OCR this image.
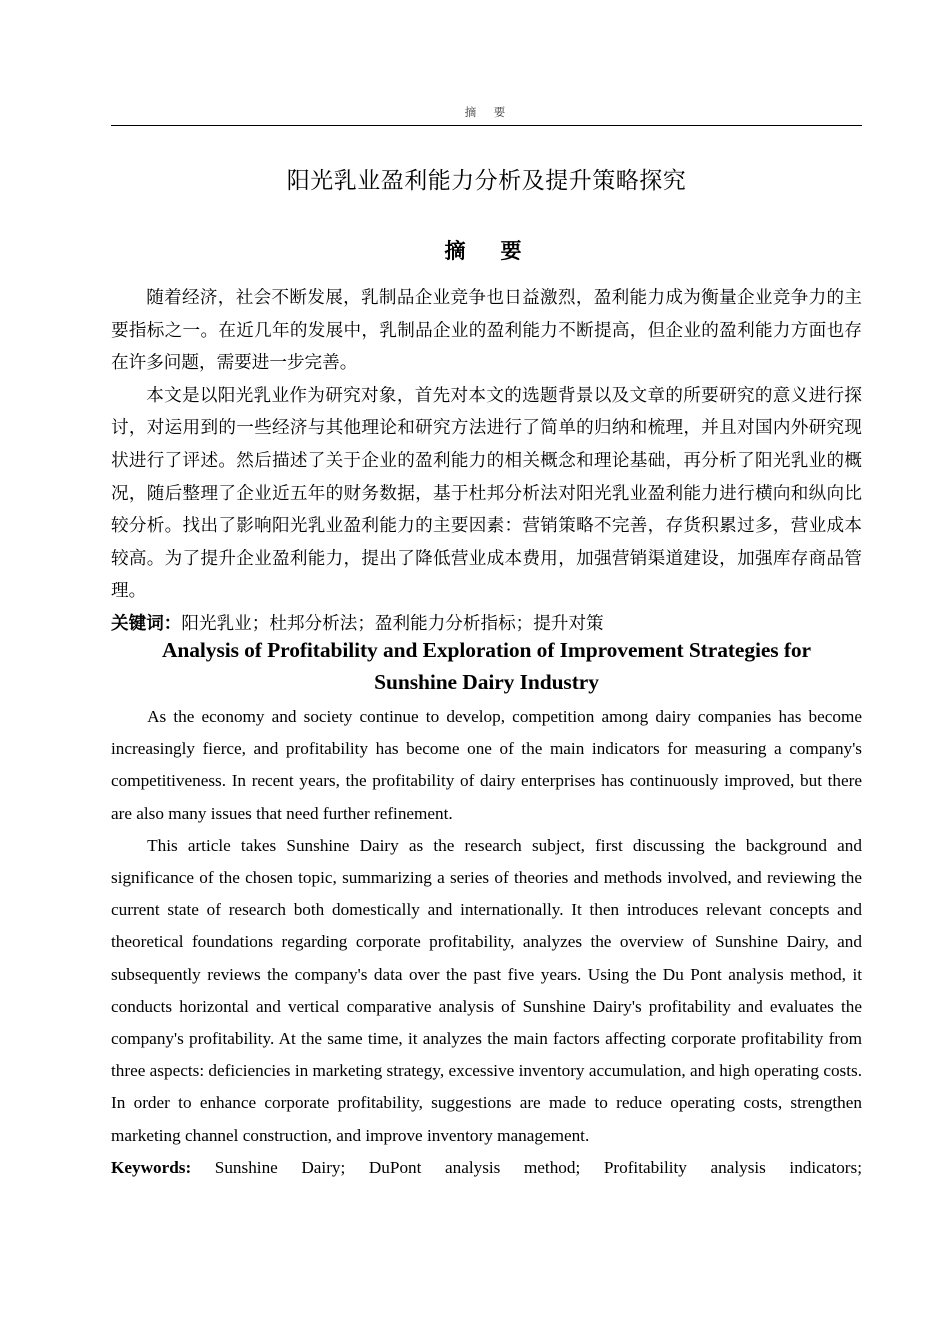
摘　要
阳光乳业盈利能力分析及提升策略探究
摘　要

随着经济，社会不断发展，乳制品企业竞争也日益激烈，盈利能力成为衡量企业竞争力的主要指标之一。在近几年的发展中，乳制品企业的盈利能力不断提高，但企业的盈利能力方面也存在许多问题，需要进一步完善。

本文是以阳光乳业作为研究对象，首先对本文的选题背景以及文章的所要研究的意义进行探讨，对运用到的一些经济与其他理论和研究方法进行了简单的归纳和梳理，并且对国内外研究现状进行了评述。然后描述了关于企业的盈利能力的相关概念和理论基础，再分析了阳光乳业的概况，随后整理了企业近五年的财务数据，基于杜邦分析法对阳光乳业盈利能力进行横向和纵向比较分析。找出了影响阳光乳业盈利能力的主要因素：营销策略不完善，存货积累过多，营业成本较高。为了提升企业盈利能力，提出了降低营业成本费用，加强营销渠道建设，加强库存商品管理。

关键词：阳光乳业；杜邦分析法；盈利能力分析指标；提升对策

Analysis of Profitability and Exploration of Improvement Strategies for
Sunshine Dairy Industry

As the economy and society continue to develop, competition among dairy companies has become increasingly fierce, and profitability has become one of the main indicators for measuring a company's competitiveness. In recent years, the profitability of dairy enterprises has continuously improved, but there are also many issues that need further refinement.

This article takes Sunshine Dairy as the research subject, first discussing the background and significance of the chosen topic, summarizing a series of theories and methods involved, and reviewing the current state of research both domestically and internationally. It then introduces relevant concepts and theoretical foundations regarding corporate profitability, analyzes the overview of Sunshine Dairy, and subsequently reviews the company's data over the past five years. Using the Du Pont analysis method, it conducts horizontal and vertical comparative analysis of Sunshine Dairy's profitability and evaluates the company's profitability. At the same time, it analyzes the main factors affecting corporate profitability from three aspects: deficiencies in marketing strategy, excessive inventory accumulation, and high operating costs. In order to enhance corporate profitability, suggestions are made to reduce operating costs, strengthen marketing channel construction, and improve inventory management.

Keywords: Sunshine Dairy; DuPont analysis method; Profitability analysis indicators;
